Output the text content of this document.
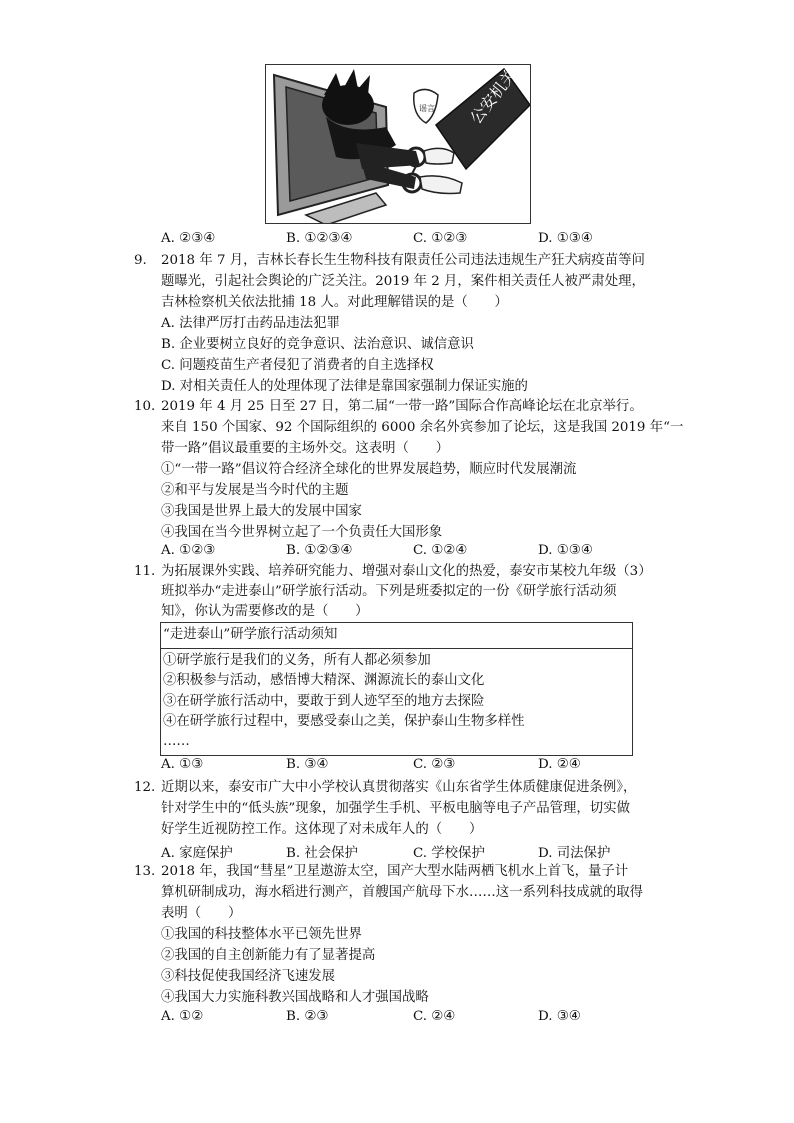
公安机关
谣言
A. ②③④	B. ①②③④	C. ①②③	D. ①③④
9.	2018 年 7 月，吉林长春长生生物科技有限责任公司违法违规生产狂犬病疫苗等问
题曝光，引起社会舆论的广泛关注。2019 年 2 月，案件相关责任人被严肃处理，
吉林检察机关依法批捕 18 人。对此理解错误的是（　　）
A. 法律严厉打击药品违法犯罪
B. 企业要树立良好的竞争意识、法治意识、诚信意识
C. 问题疫苗生产者侵犯了消费者的自主选择权
D. 对相关责任人的处理体现了法律是靠国家强制力保证实施的
10. 2019 年 4 月 25 日至 27 日，第二届“一带一路”国际合作高峰论坛在北京举行。
来自 150 个国家、92 个国际组织的 6000 余名外宾参加了论坛，这是我国 2019 年“一
带一路”倡议最重要的主场外交。这表明（　　）
①“一带一路”倡议符合经济全球化的世界发展趋势，顺应时代发展潮流
②和平与发展是当今时代的主题
③我国是世界上最大的发展中国家
④我国在当今世界树立起了一个负责任大国形象
A. ①②③	B. ①②③④	C. ①②④	D. ①③④
11. 为拓展课外实践、培养研究能力、增强对泰山文化的热爱，泰安市某校九年级（3）
班拟举办“走进泰山”研学旅行活动。下列是班委拟定的一份《研学旅行活动须
知》，你认为需要修改的是（　　）
“走进泰山”研学旅行活动须知
①研学旅行是我们的义务，所有人都必须参加
②积极参与活动，感悟博大精深、渊源流长的泰山文化
③在研学旅行活动中，要敢于到人迹罕至的地方去探险
④在研学旅行过程中，要感受泰山之美，保护泰山生物多样性
……
A. ①③	B. ③④	C. ②③	D. ②④
12. 近期以来，泰安市广大中小学校认真贯彻落实《山东省学生体质健康促进条例》，
针对学生中的“低头族”现象，加强学生手机、平板电脑等电子产品管理，切实做
好学生近视防控工作。这体现了对未成年人的（　　）
A. 家庭保护	B. 社会保护	C. 学校保护	D. 司法保护
13. 2018 年，我国“彗星”卫星遨游太空，国产大型水陆两栖飞机水上首飞，量子计
算机研制成功，海水稻进行测产，首艘国产航母下水……这一系列科技成就的取得
表明（　　）
①我国的科技整体水平已领先世界
②我国的自主创新能力有了显著提高
③科技促使我国经济飞速发展
④我国大力实施科教兴国战略和人才强国战略
A. ①②	B. ②③	C. ②④	D. ③④
